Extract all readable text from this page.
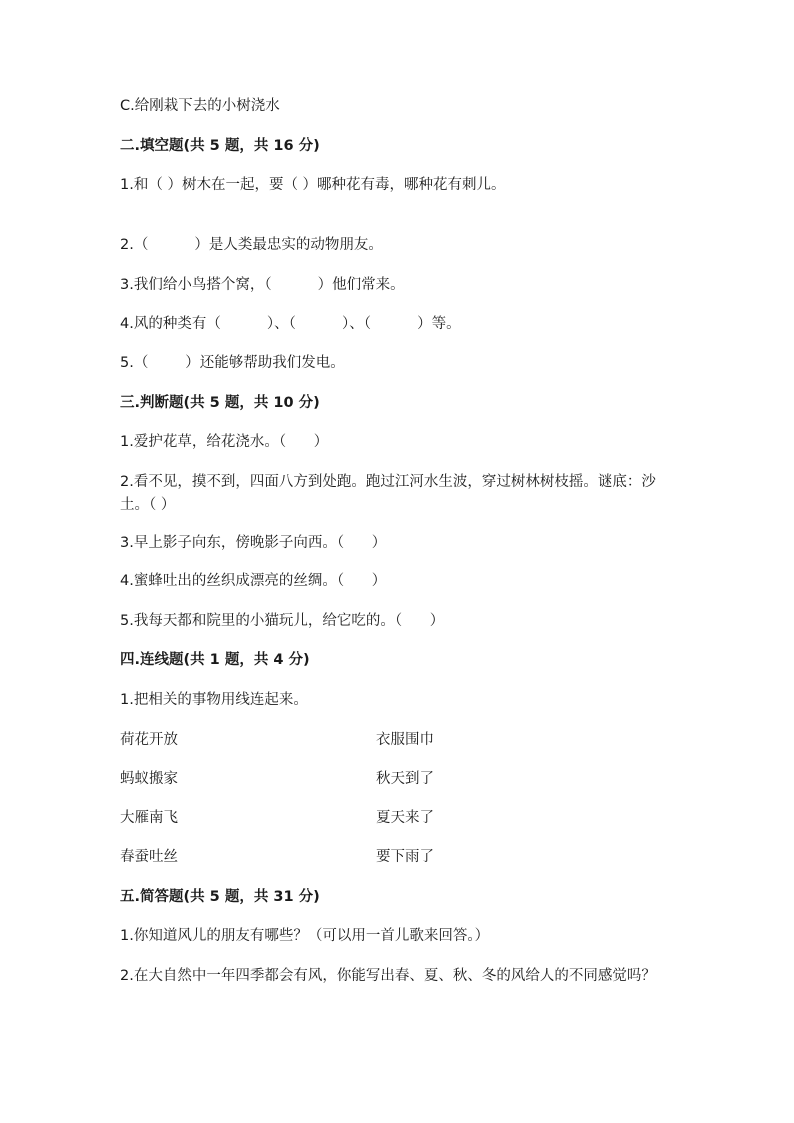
C.给刚栽下去的小树浇水
二.填空题(共 5 题，共 16 分)
1.和（ ）树木在一起，要（ ）哪种花有毒，哪种花有刺儿。
2.（          ）是人类最忠实的动物朋友。
3.我们给小鸟搭个窝，（          ）他们常来。
4.风的种类有（          ）、（          ）、（          ）等。
5.（        ）还能够帮助我们发电。
三.判断题(共 5 题，共 10 分)
1.爱护花草，给花浇水。（      ）
2.看不见，摸不到，四面八方到处跑。跑过江河水生波，穿过树林树枝摇。谜底：沙土。（ ）
3.早上影子向东，傍晚影子向西。（      ）
4.蜜蜂吐出的丝织成漂亮的丝绸。（      ）
5.我每天都和院里的小猫玩儿，给它吃的。（      ）
四.连线题(共 1 题，共 4 分)
1.把相关的事物用线连起来。
荷花开放	衣服围巾
蚂蚁搬家	秋天到了
大雁南飞	夏天来了
春蚕吐丝	要下雨了
五.简答题(共 5 题，共 31 分)
1.你知道风儿的朋友有哪些？（可以用一首儿歌来回答。）
2.在大自然中一年四季都会有风，你能写出春、夏、秋、冬的风给人的不同感觉吗？
